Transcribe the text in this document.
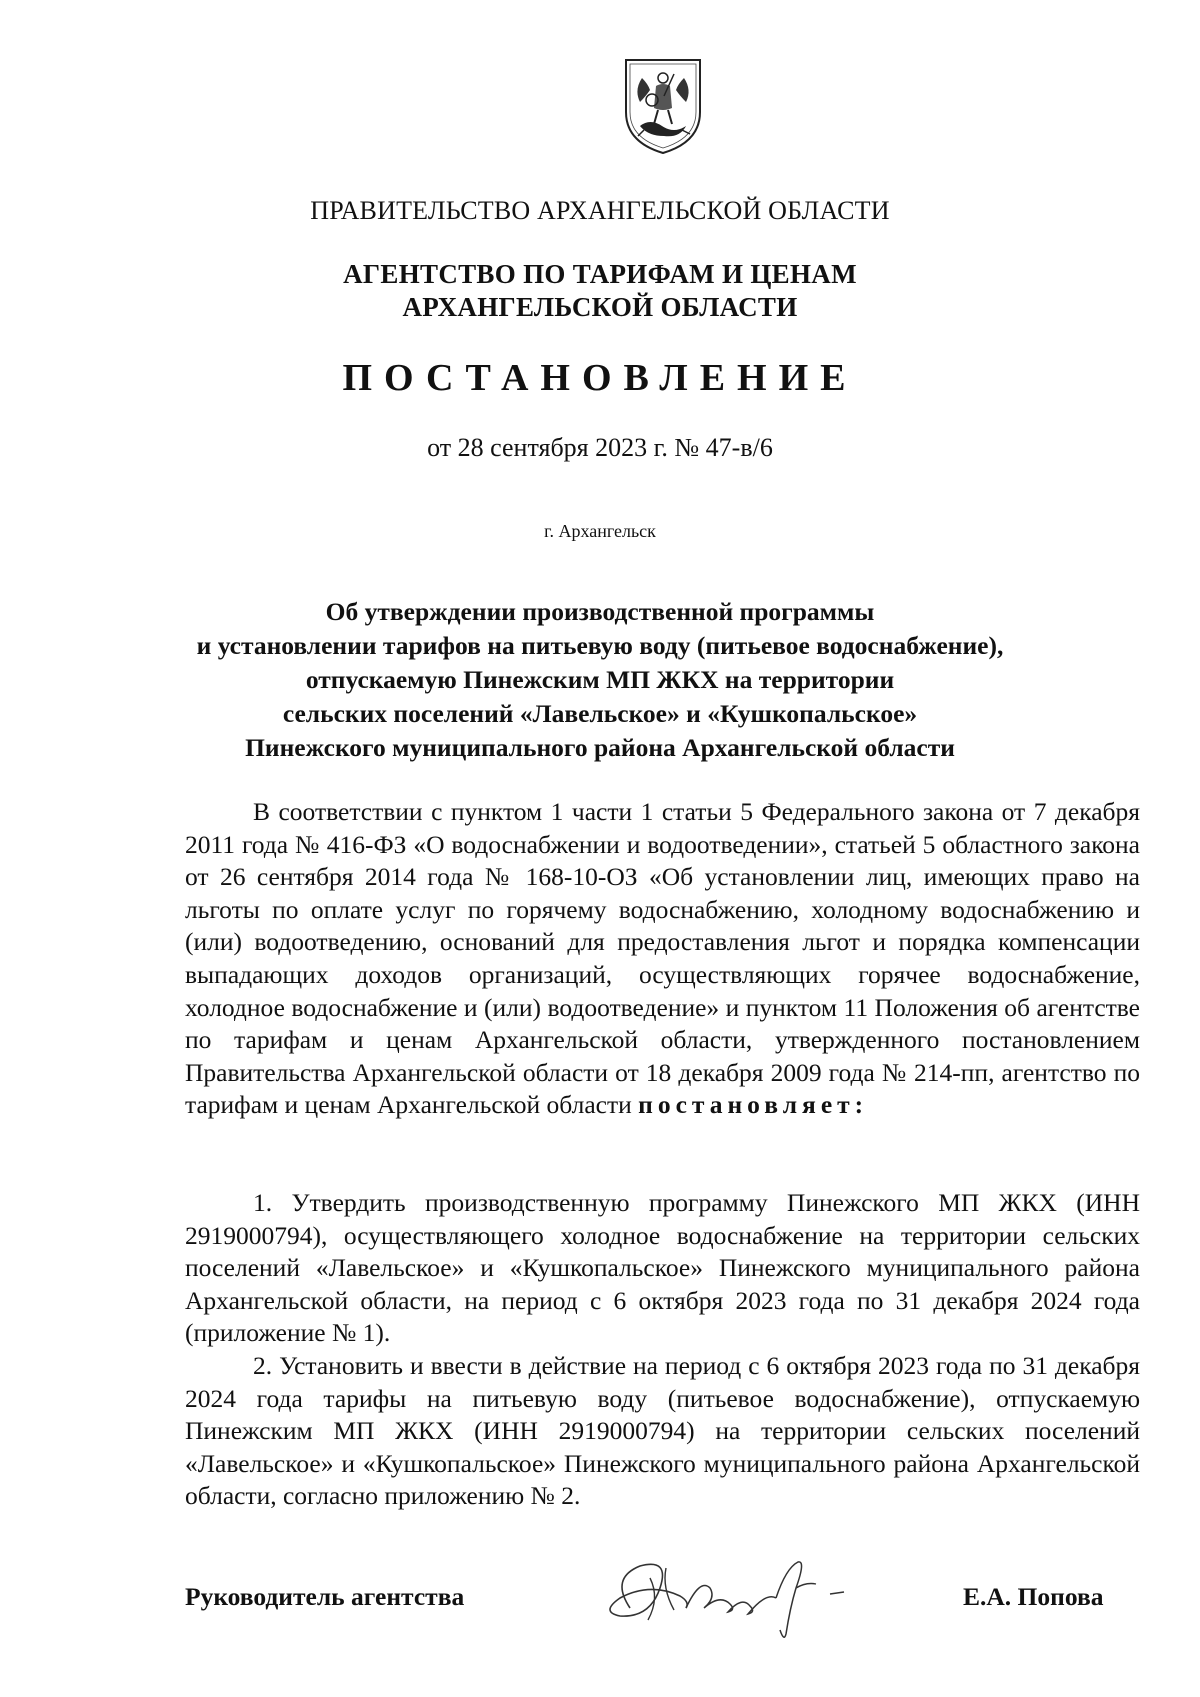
ПРАВИТЕЛЬСТВО АРХАНГЕЛЬСКОЙ ОБЛАСТИ
АГЕНТСТВО ПО ТАРИФАМ И ЦЕНАМ
АРХАНГЕЛЬСКОЙ ОБЛАСТИ
ПОСТАНОВЛЕНИЕ
от 28 сентября 2023 г. № 47-в/6
г. Архангельск
Об утверждении производственной программы
и установлении тарифов на питьевую воду (питьевое водоснабжение),
отпускаемую Пинежским МП ЖКХ на территории
сельских поселений «Лавельское» и «Кушкопальское»
Пинежского муниципального района Архангельской области

В соответствии с пунктом 1 части 1 статьи 5 Федерального закона от 7 декабря 2011 года № 416-ФЗ «О водоснабжении и водоотведении», статьей 5 областного закона от 26 сентября 2014 года № 168-10-ОЗ «Об установлении лиц, имеющих право на льготы по оплате услуг по горячему водоснабжению, холодному водоснабжению и (или) водоотведению, оснований для предоставления льгот и порядка компенсации выпадающих доходов организаций, осуществляющих горячее водоснабжение, холодное водоснабжение и (или) водоотведение» и пунктом 11 Положения об агентстве по тарифам и ценам Архангельской области, утвержденного постановлением Правительства Архангельской области от 18 декабря 2009 года № 214-пп, агентство по тарифам и ценам Архангельской области постановляет:

1. Утвердить производственную программу Пинежского МП ЖКХ (ИНН 2919000794), осуществляющего холодное водоснабжение на территории сельских поселений «Лавельское» и «Кушкопальское» Пинежского муниципального района Архангельской области, на период с 6 октября 2023 года по 31 декабря 2024 года (приложение № 1).

2. Установить и ввести в действие на период с 6 октября 2023 года по 31 декабря 2024 года тарифы на питьевую воду (питьевое водоснабжение), отпускаемую Пинежским МП ЖКХ (ИНН 2919000794) на территории сельских поселений «Лавельское» и «Кушкопальское» Пинежского муниципального района Архангельской области, согласно приложению № 2.

Руководитель агентства	Е.А. Попова
